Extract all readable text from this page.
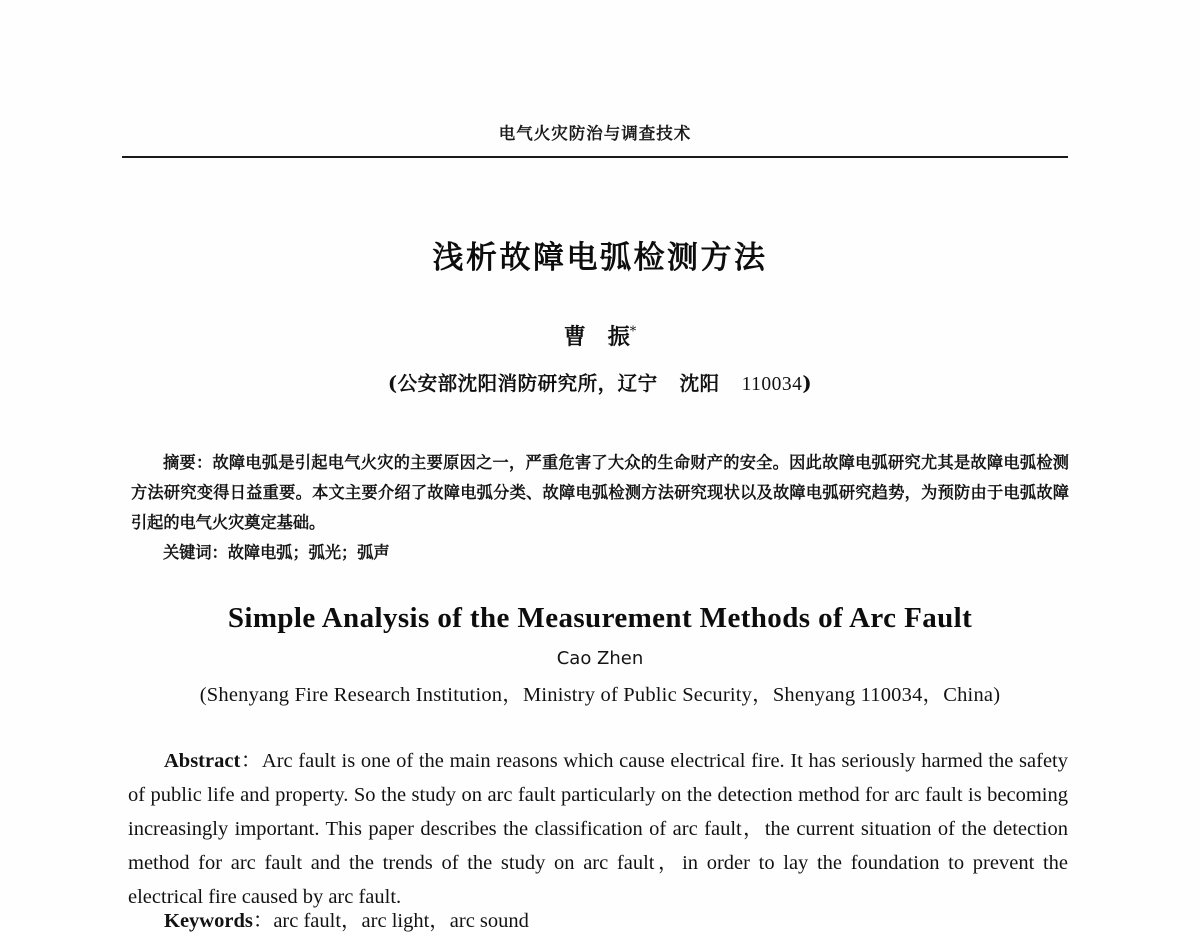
电气火灾防治与调查技术
浅析故障电弧检测方法
曹 振*
(公安部沈阳消防研究所，辽宁 沈阳 110034)
摘要：故障电弧是引起电气火灾的主要原因之一，严重危害了大众的生命财产的安全。因此故障电弧研究尤其是故障电弧检测方法研究变得日益重要。本文主要介绍了故障电弧分类、故障电弧检测方法研究现状以及故障电弧研究趋势，为预防由于电弧故障引起的电气火灾奠定基础。
关键词：故障电弧；弧光；弧声
Simple Analysis of the Measurement Methods of Arc Fault
Cao Zhen
(Shenyang Fire Research Institution，Ministry of Public Security，Shenyang 110034，China)
Abstract：Arc fault is one of the main reasons which cause electrical fire. It has seriously harmed the safety of public life and property. So the study on arc fault particularly on the detection method for arc fault is becoming increasingly important. This paper describes the classification of arc fault，the current situation of the detection method for arc fault and the trends of the study on arc fault，in order to lay the foundation to prevent the electrical fire caused by arc fault.
Keywords：arc fault，arc light，arc sound
